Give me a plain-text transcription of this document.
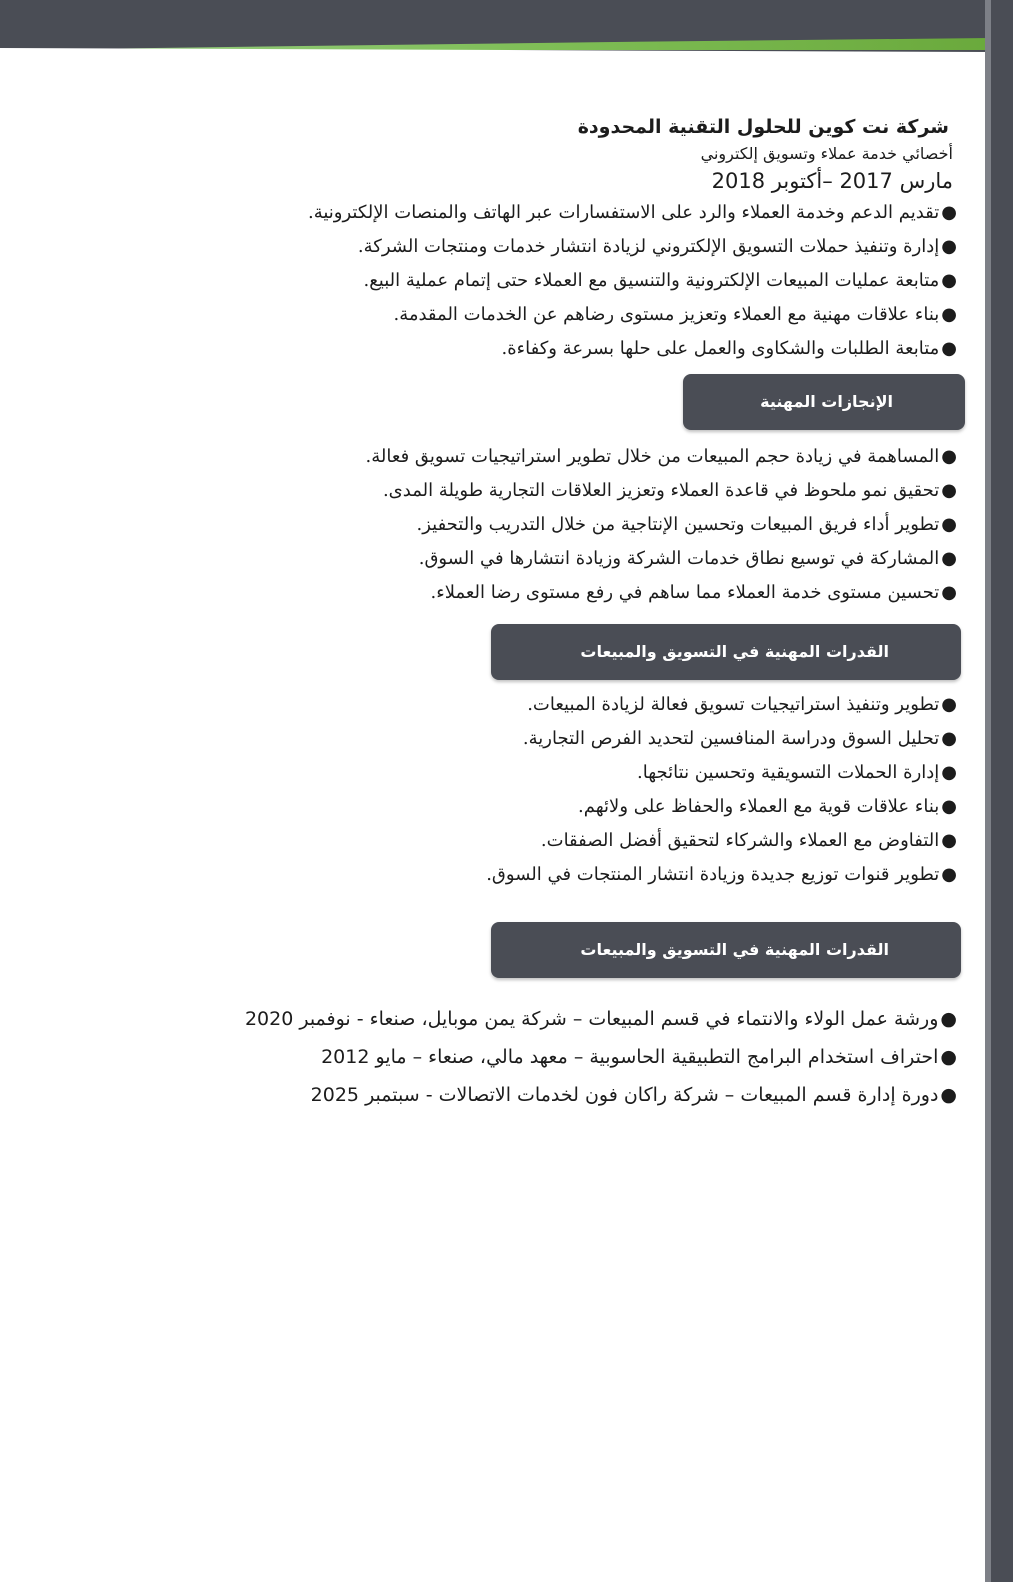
شركة نت كوين للحلول التقنية المحدودة
أخصائي خدمة عملاء وتسويق إلكتروني
مارس 2017 –أكتوبر 2018
●تقديم الدعم وخدمة العملاء والرد على الاستفسارات عبر الهاتف والمنصات الإلكترونية.
●إدارة وتنفيذ حملات التسويق الإلكتروني لزيادة انتشار خدمات ومنتجات الشركة.
●متابعة عمليات المبيعات الإلكترونية والتنسيق مع العملاء حتى إتمام عملية البيع.
●بناء علاقات مهنية مع العملاء وتعزيز مستوى رضاهم عن الخدمات المقدمة.
●متابعة الطلبات والشكاوى والعمل على حلها بسرعة وكفاءة.
الإنجازات المهنية
●المساهمة في زيادة حجم المبيعات من خلال تطوير استراتيجيات تسويق فعالة.
●تحقيق نمو ملحوظ في قاعدة العملاء وتعزيز العلاقات التجارية طويلة المدى.
●تطوير أداء فريق المبيعات وتحسين الإنتاجية من خلال التدريب والتحفيز.
●المشاركة في توسيع نطاق خدمات الشركة وزيادة انتشارها في السوق.
●تحسين مستوى خدمة العملاء مما ساهم في رفع مستوى رضا العملاء.
القدرات المهنية في التسويق والمبيعات
●تطوير وتنفيذ استراتيجيات تسويق فعالة لزيادة المبيعات.
●تحليل السوق ودراسة المنافسين لتحديد الفرص التجارية.
●إدارة الحملات التسويقية وتحسين نتائجها.
●بناء علاقات قوية مع العملاء والحفاظ على ولائهم.
●التفاوض مع العملاء والشركاء لتحقيق أفضل الصفقات.
●تطوير قنوات توزيع جديدة وزيادة انتشار المنتجات في السوق.
القدرات المهنية في التسويق والمبيعات
●ورشة عمل الولاء والانتماء في قسم المبيعات – شركة يمن موبايل، صنعاء - نوفمبر 2020
●احتراف استخدام البرامج التطبيقية الحاسوبية – معهد مالي، صنعاء – مايو 2012
●دورة إدارة قسم المبيعات – شركة راكان فون لخدمات الاتصالات - سبتمبر 2025
